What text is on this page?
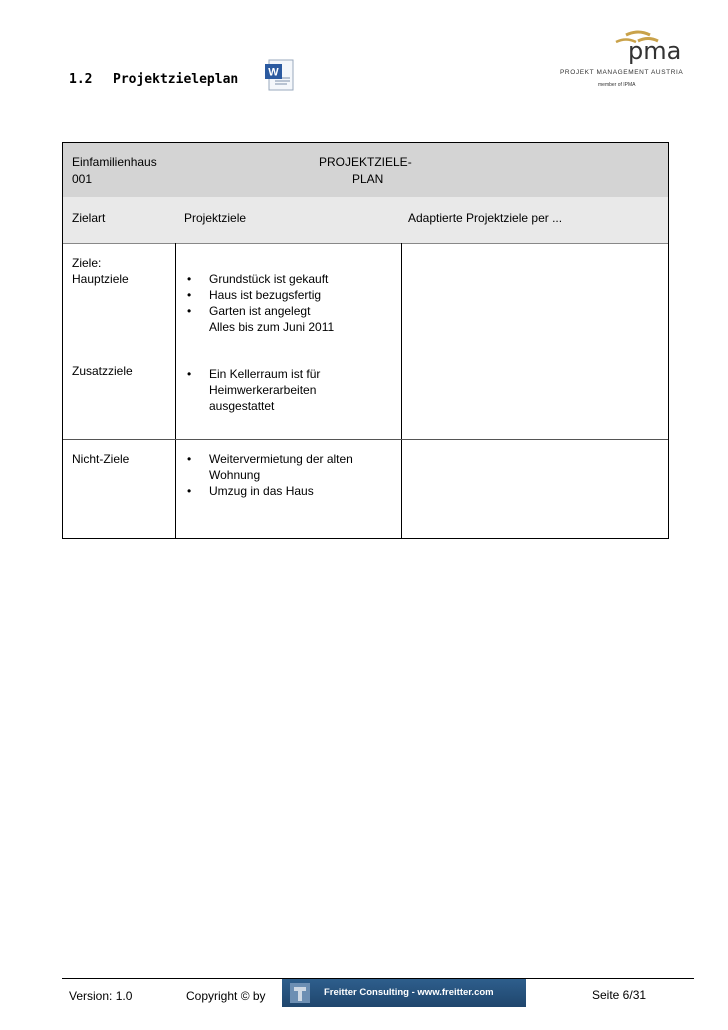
1.2 Projektzieleplan	W
pma
PROJEKT MANAGEMENT AUSTRIA
member of IPMA
Einfamilienhaus
001
PROJEKTZIELE-
PLAN
Zielart	Projektziele	Adaptierte Projektziele per ...
Ziele:
Hauptziele	• Grundstück ist gekauft
• Haus ist bezugsfertig
• Garten ist angelegt
Alles bis zum Juni 2011
Zusatzziele	• Ein Kellerraum ist für
Heimwerkerarbeiten
ausgestattet
Nicht-Ziele	• Weitervermietung der alten
Wohnung
• Umzug in das Haus
Version: 1.0	Copyright © by	Freitter Consulting - www.freitter.com	Seite 6/31
